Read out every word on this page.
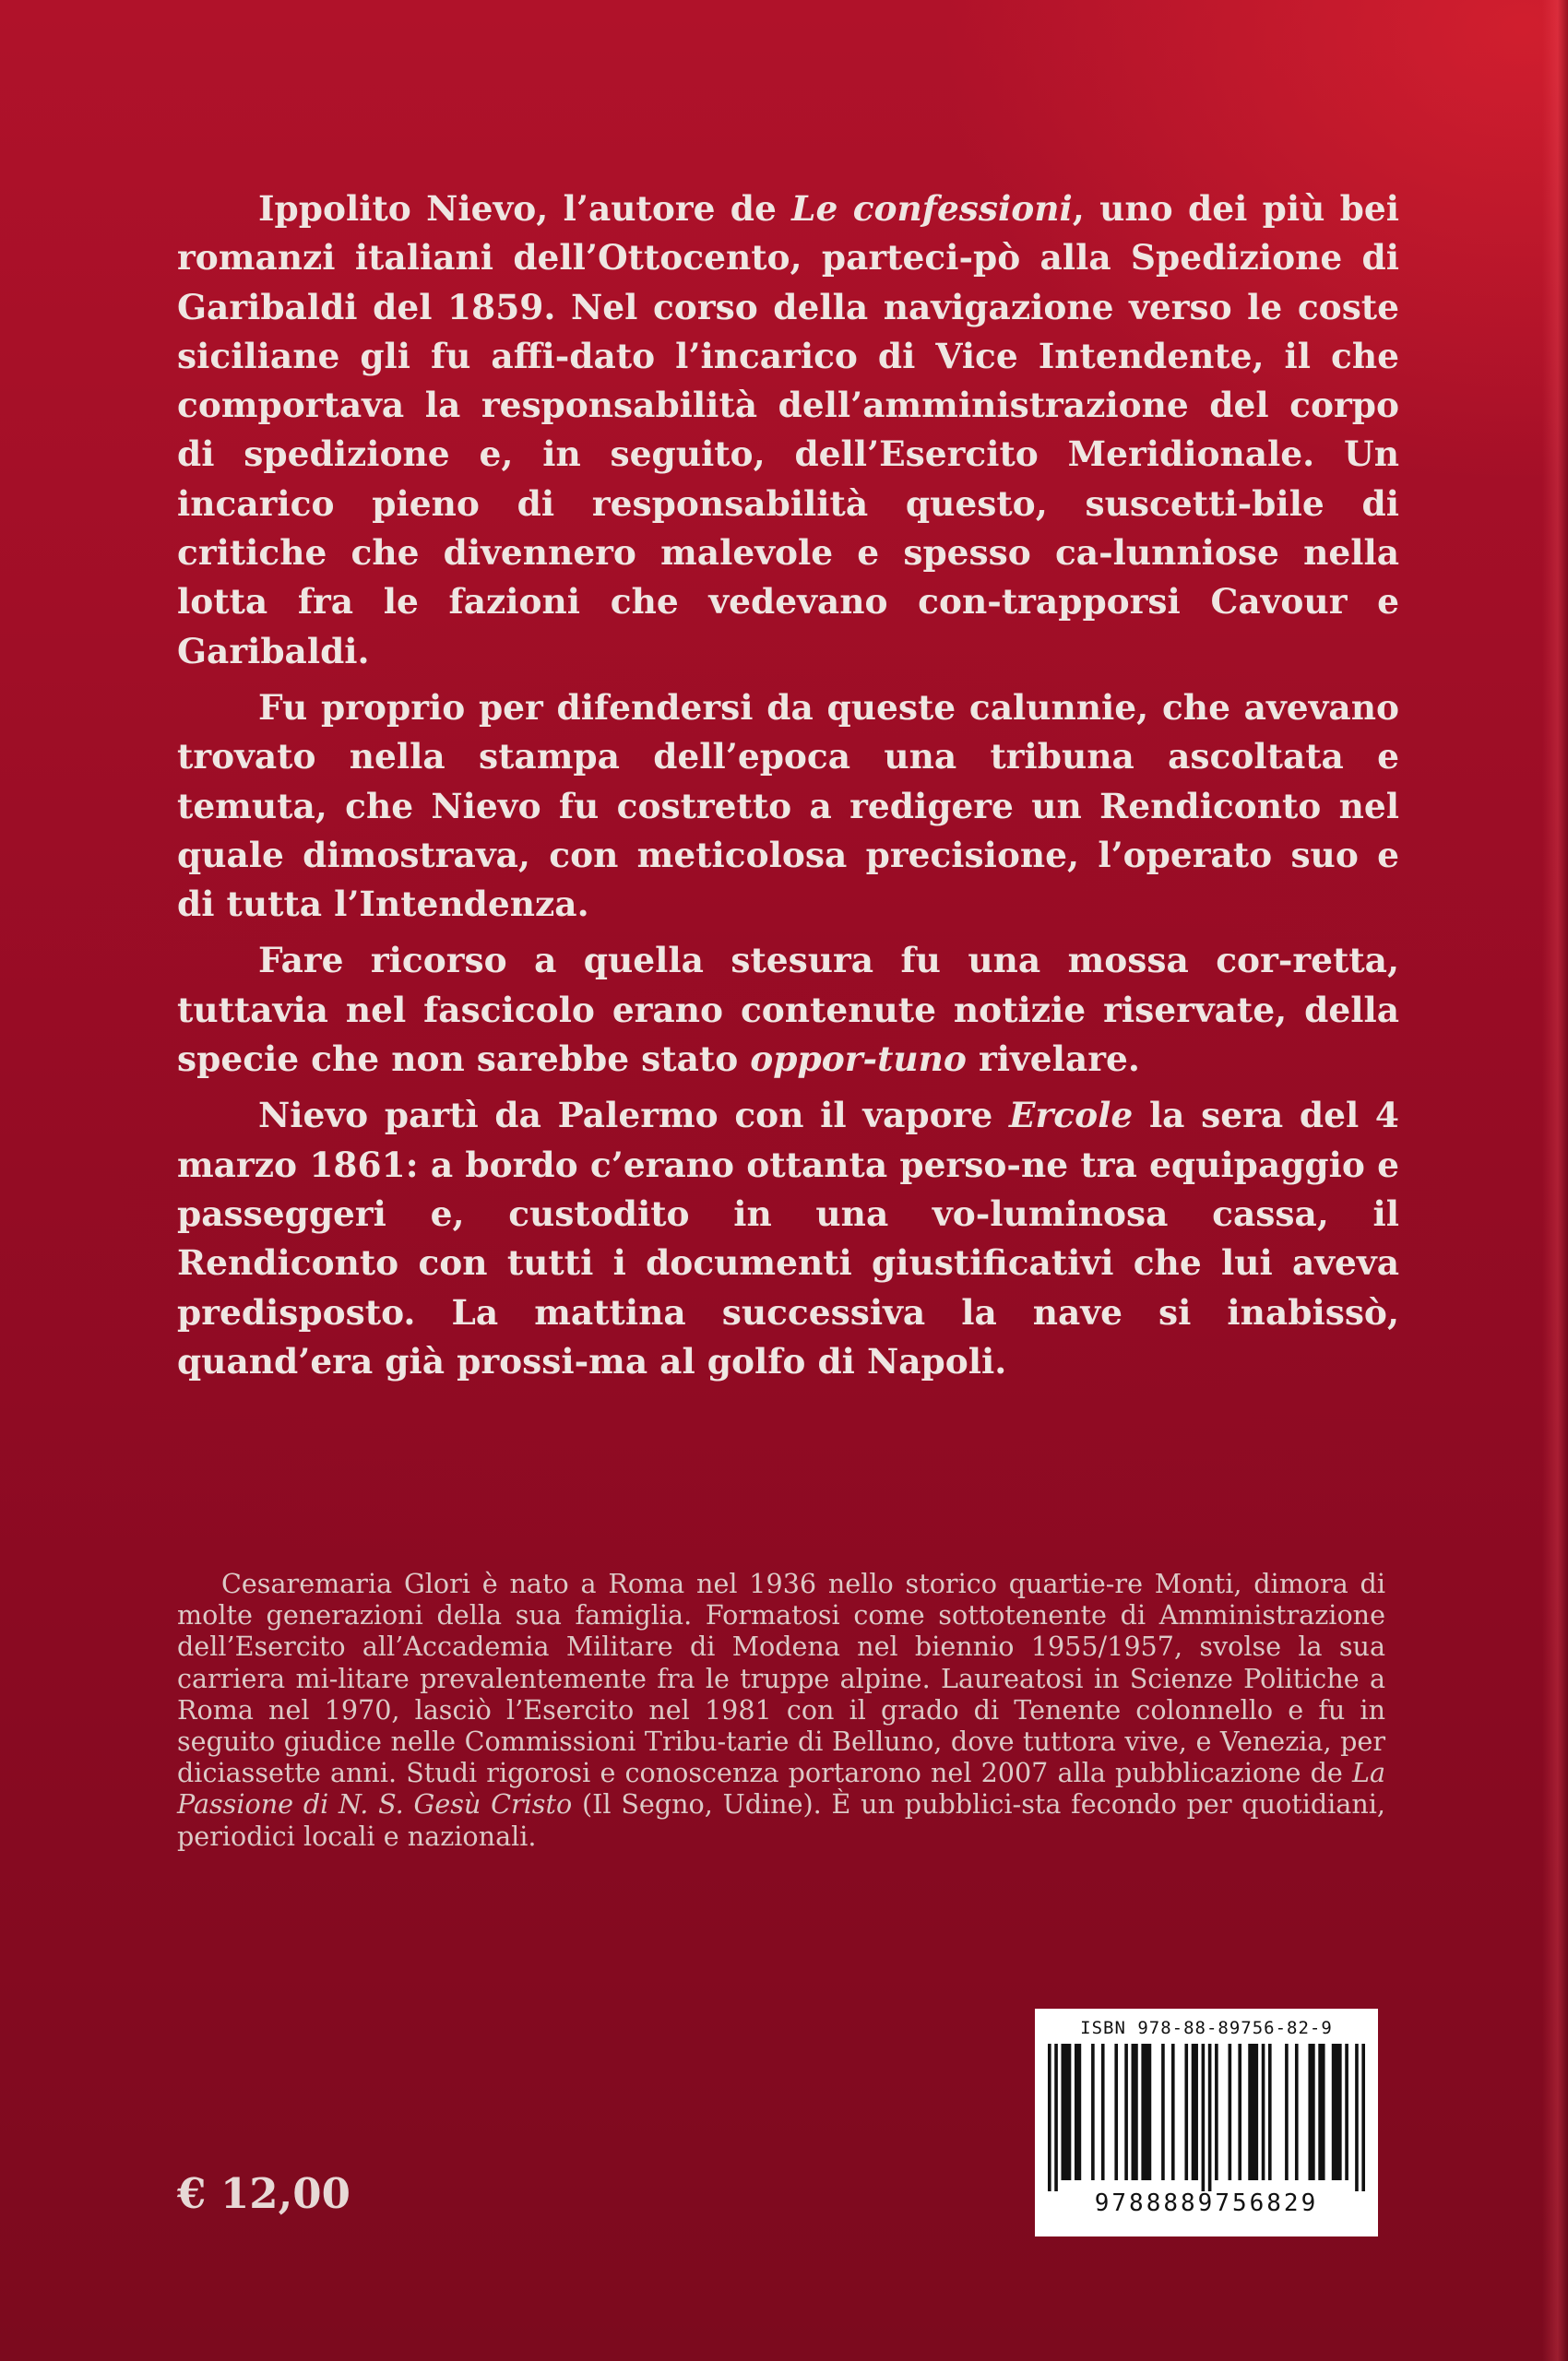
Ippolito Nievo, l’autore de Le confessioni, uno dei più bei romanzi italiani dell’Ottocento, parteci-pò alla Spedizione di Garibaldi del 1859. Nel corso della navigazione verso le coste siciliane gli fu affi-dato l’incarico di Vice Intendente, il che comportava la responsabilità dell’amministrazione del corpo di spedizione e, in seguito, dell’Esercito Meridionale. Un incarico pieno di responsabilità questo, suscetti-bile di critiche che divennero malevole e spesso ca-lunniose nella lotta fra le fazioni che vedevano con-trapporsi Cavour e Garibaldi.

Fu proprio per difendersi da queste calunnie, che avevano trovato nella stampa dell’epoca una tribuna ascoltata e temuta, che Nievo fu costretto a redigere un Rendiconto nel quale dimostrava, con meticolosa precisione, l’operato suo e di tutta l’Intendenza.

Fare ricorso a quella stesura fu una mossa cor-retta, tuttavia nel fascicolo erano contenute notizie riservate, della specie che non sarebbe stato oppor-tuno rivelare.

Nievo partì da Palermo con il vapore Ercole la sera del 4 marzo 1861: a bordo c’erano ottanta perso-ne tra equipaggio e passeggeri e, custodito in una vo-luminosa cassa, il Rendiconto con tutti i documenti giustificativi che lui aveva predisposto. La mattina successiva la nave si inabissò, quand’era già prossi-ma al golfo di Napoli.

Cesaremaria Glori è nato a Roma nel 1936 nello storico quartie-re Monti, dimora di molte generazioni della sua famiglia. Formatosi come sottotenente di Amministrazione dell’Esercito all’Accademia Militare di Modena nel biennio 1955/1957, svolse la sua carriera mi-litare prevalentemente fra le truppe alpine. Laureatosi in Scienze Politiche a Roma nel 1970, lasciò l’Esercito nel 1981 con il grado di Tenente colonnello e fu in seguito giudice nelle Commissioni Tribu-tarie di Belluno, dove tuttora vive, e Venezia, per diciassette anni. Studi rigorosi e conoscenza portarono nel 2007 alla pubblicazione de La Passione di N. S. Gesù Cristo (Il Segno, Udine). È un pubblici-sta fecondo per quotidiani, periodici locali e nazionali.

€ 12,00
ISBN 978-88-89756-82-9
9788889756829
